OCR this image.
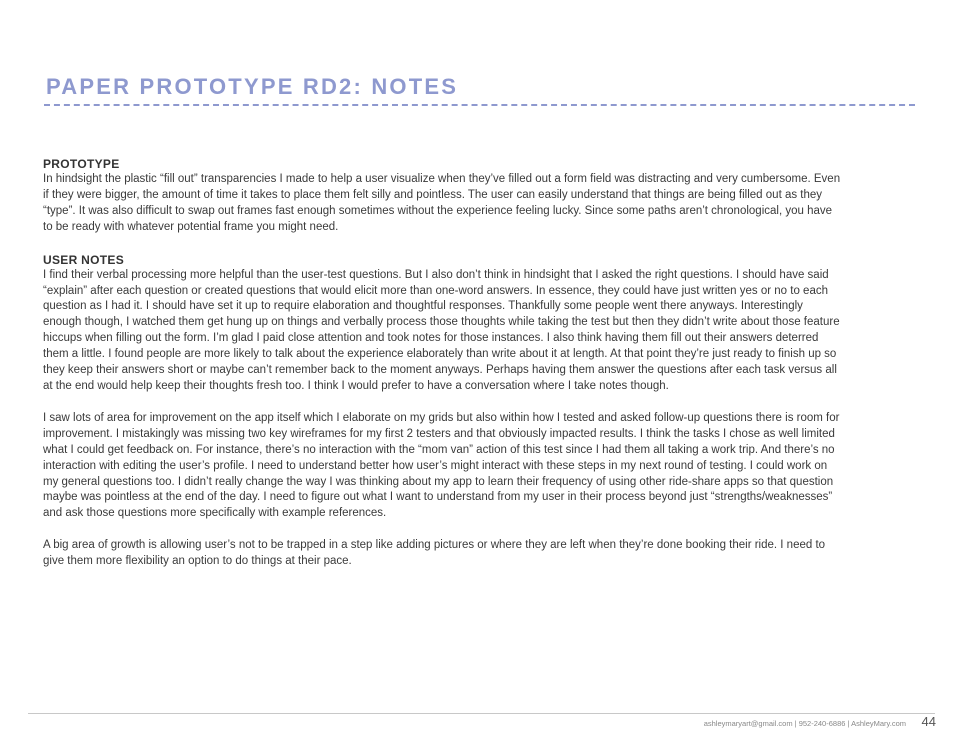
PAPER PROTOTYPE RD2: NOTES
PROTOTYPE

In hindsight the plastic “fill out” transparencies I made to help a user visualize when they’ve filled out a form field was distracting and very cumbersome. Even if they were bigger, the amount of time it takes to place them felt silly and pointless. The user can easily understand that things are being filled out as they “type”. It was also difficult to swap out frames fast enough sometimes without the experience feeling lucky. Since some paths aren’t chronological, you have to be ready with whatever potential frame you might need.

USER NOTES

I find their verbal processing more helpful than the user-test questions. But I also don’t think in hindsight that I asked the right questions. I should have said “explain” after each question or created questions that would elicit more than one-word answers. In essence, they could have just written yes or no to each question as I had it. I should have set it up to require elaboration and thoughtful responses. Thankfully some people went there anyways. Interestingly enough though, I watched them get hung up on things and verbally process those thoughts while taking the test but then they didn’t write about those feature hiccups when filling out the form. I’m glad I paid close attention and took notes for those instances. I also think having them fill out their answers deterred them a little. I found people are more likely to talk about the experience elaborately than write about it at length. At that point they’re just ready to finish up so they keep their answers short or maybe can’t remember back to the moment anyways. Perhaps having them answer the questions after each task versus all at the end would help keep their thoughts fresh too. I think I would prefer to have a conversation where I take notes though.

I saw lots of area for improvement on the app itself which I elaborate on my grids but also within how I tested and asked follow-up questions there is room for improvement. I mistakingly was missing two key wireframes for my first 2 testers and that obviously impacted results. I think the tasks I chose as well limited what I could get feedback on. For instance, there’s no interaction with the “mom van” action of this test since I had them all taking a work trip. And there’s no interaction with editing the user’s profile. I need to understand better how user’s might interact with these steps in my next round of testing. I could work on my general questions too. I didn’t really change the way I was thinking about my app to learn their frequency of using other ride-share apps so that question maybe was pointless at the end of the day. I need to figure out what I want to understand from my user in their process beyond just “strengths/weaknesses” and ask those questions more specifically with example references.

A big area of growth is allowing user’s not to be trapped in a step like adding pictures or where they are left when they’re done booking their ride. I need to give them more flexibility an option to do things at their pace.

ashleymaryart@gmail.com | 952-240-6886 | AshleyMary.com 44
